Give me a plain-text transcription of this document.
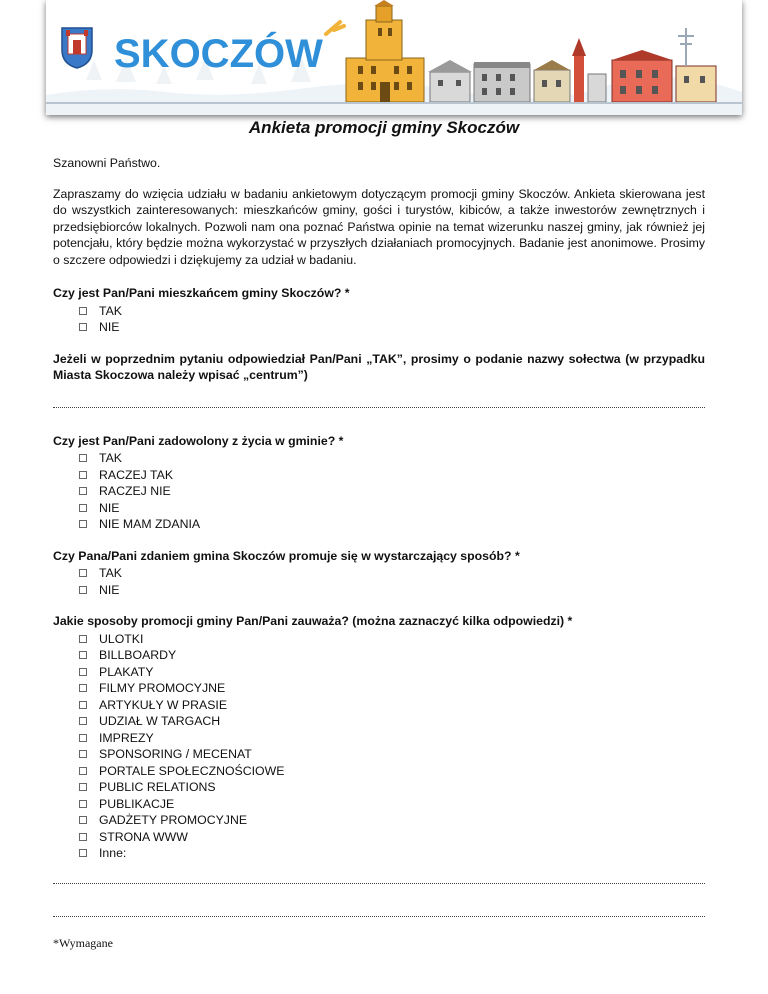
SKOCZÓW
Ankieta promocji gminy Skoczów

Szanowni Państwo.

Zapraszamy do wzięcia udziału w badaniu ankietowym dotyczącym promocji gminy Skoczów. Ankieta skierowana jest do wszystkich zainteresowanych: mieszkańców gminy, gości i turystów, kibiców, a także inwestorów zewnętrznych i przedsiębiorców lokalnych. Pozwoli nam ona poznać Państwa opinie na temat wizerunku naszej gminy, jak również jej potencjału, który będzie można wykorzystać w przyszłych działaniach promocyjnych. Badanie jest anonimowe. Prosimy o szczere odpowiedzi i dziękujemy za udział w badaniu.

Czy jest Pan/Pani mieszkańcem gminy Skoczów? *

TAK
NIE

Jeżeli w poprzednim pytaniu odpowiedział Pan/Pani „TAK”, prosimy o podanie nazwy sołectwa (w przypadku Miasta Skoczowa należy wpisać „centrum”)

Czy jest Pan/Pani zadowolony z życia w gminie? *

TAK
RACZEJ TAK
RACZEJ NIE
NIE
NIE MAM ZDANIA

Czy Pana/Pani zdaniem gmina Skoczów promuje się w wystarczający sposób? *

TAK
NIE

Jakie sposoby promocji gminy Pan/Pani zauważa? (można zaznaczyć kilka odpowiedzi) *

ULOTKI
BILLBOARDY
PLAKATY
FILMY PROMOCYJNE
ARTYKUŁY W PRASIE
UDZIAŁ W TARGACH
IMPREZY
SPONSORING / MECENAT
PORTALE SPOŁECZNOŚCIOWE
PUBLIC RELATIONS
PUBLIKACJE
GADŻETY PROMOCYJNE
STRONA WWW
Inne:
*Wymagane
